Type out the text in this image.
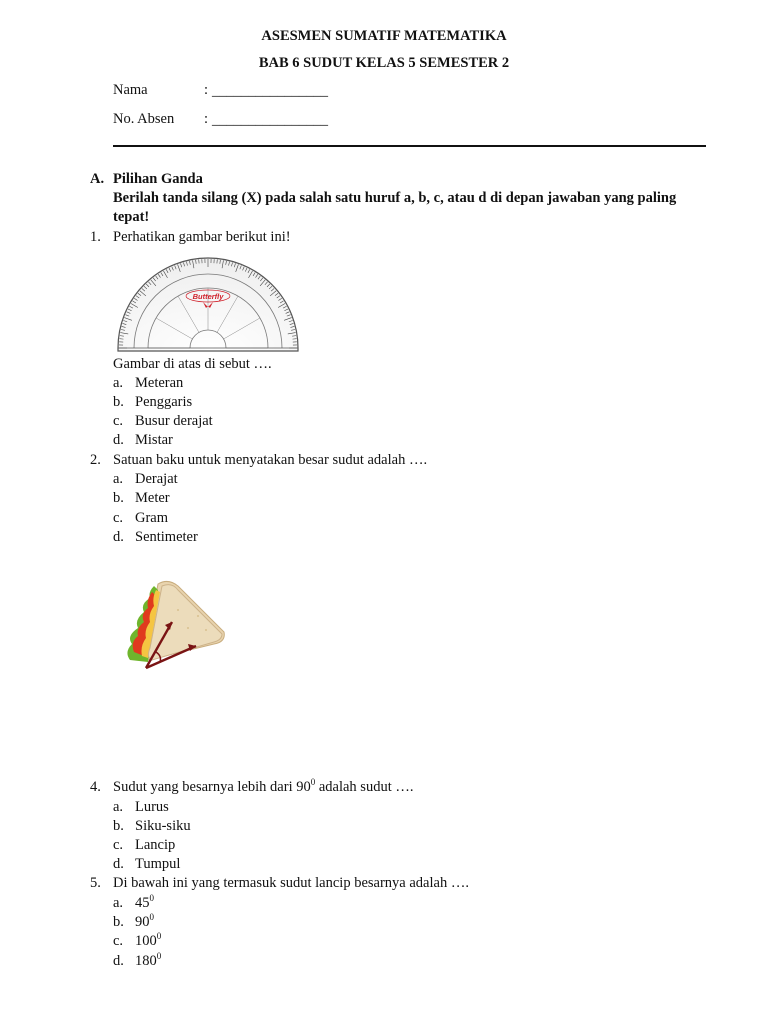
ASESMEN SUMATIF MATEMATIKA
BAB 6 SUDUT KELAS 5 SEMESTER 2
Nama	: ________________
No. Absen : ________________
A. Pilihan Ganda
Berilah tanda silang (X) pada salah satu huruf a, b, c, atau d di depan jawaban yang paling
tepat!
1. Perhatikan gambar berikut ini!
Butterfly
Gambar di atas di sebut ….
a. Meteran
b. Penggaris
c. Busur derajat
d. Mistar
2. Satuan baku untuk menyatakan besar sudut adalah ….
a. Derajat
b. Meter
c. Gram
d. Sentimeter
4. Sudut yang besarnya lebih dari $90^0$ adalah sudut ….
a. Lurus
b. Siku-siku
c. Lancip
d. Tumpul
5. Di bawah ini yang termasuk sudut lancip besarnya adalah ….
a. $45^0$
b. $90^0$
c. $100^0$
d. $180^0$
